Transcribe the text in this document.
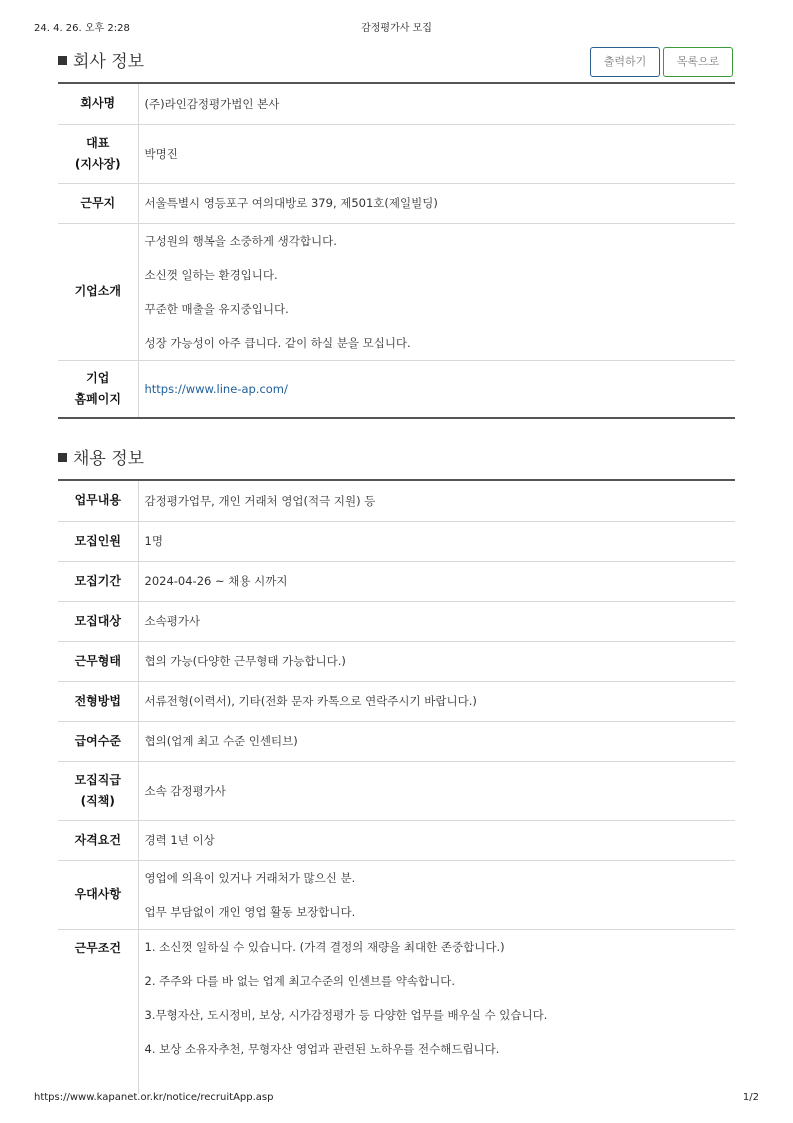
24. 4. 26. 오후 2:28	감정평가사 모집
회사 정보	출력하기	목록으로
회사명	(주)라인감정평가법인 본사

대표
(지사장)	박명진
근무지	서울특별시 영등포구 여의대방로 379, 제501호(제일빌딩)
기업소개	구성원의 행복을 소중하게 생각합니다.
소신껏 일하는 환경입니다.
꾸준한 매출을 유지중입니다.
성장 가능성이 아주 큽니다. 같이 하실 분을 모십니다.

기업
홈페이지	https://www.line-ap.com/
채용 정보
업무내용	감정평가업무, 개인 거래처 영업(적극 지원) 등
모집인원	1명
모집기간	2024-04-26 ~ 채용 시까지
모집대상	소속평가사
근무형태	협의 가능(다양한 근무형태 가능합니다.)
전형방법	서류전형(이력서), 기타(전화 문자 카톡으로 연락주시기 바랍니다.)
급여수준	협의(업계 최고 수준 인센티브)

모집직급
(직책)	소속 감정평가사
자격요건	경력 1년 이상
우대사항	영업에 의욕이 있거나 거래처가 많으신 분.
업무 부담없이 개인 영업 활동 보장합니다.

근무조건	1. 소신껏 일하실 수 있습니다. (가격 결정의 재량을 최대한 존중합니다.)
2. 주주와 다를 바 없는 업계 최고수준의 인센브를 약속합니다.
3.무형자산, 도시정비, 보상, 시가감정평가 등 다양한 업무를 배우실 수 있습니다.
4. 보상 소유자추천, 무형자산 영업과 관련된 노하우를 전수해드립니다.
https://www.kapanet.or.kr/notice/recruitApp.asp	1/2
